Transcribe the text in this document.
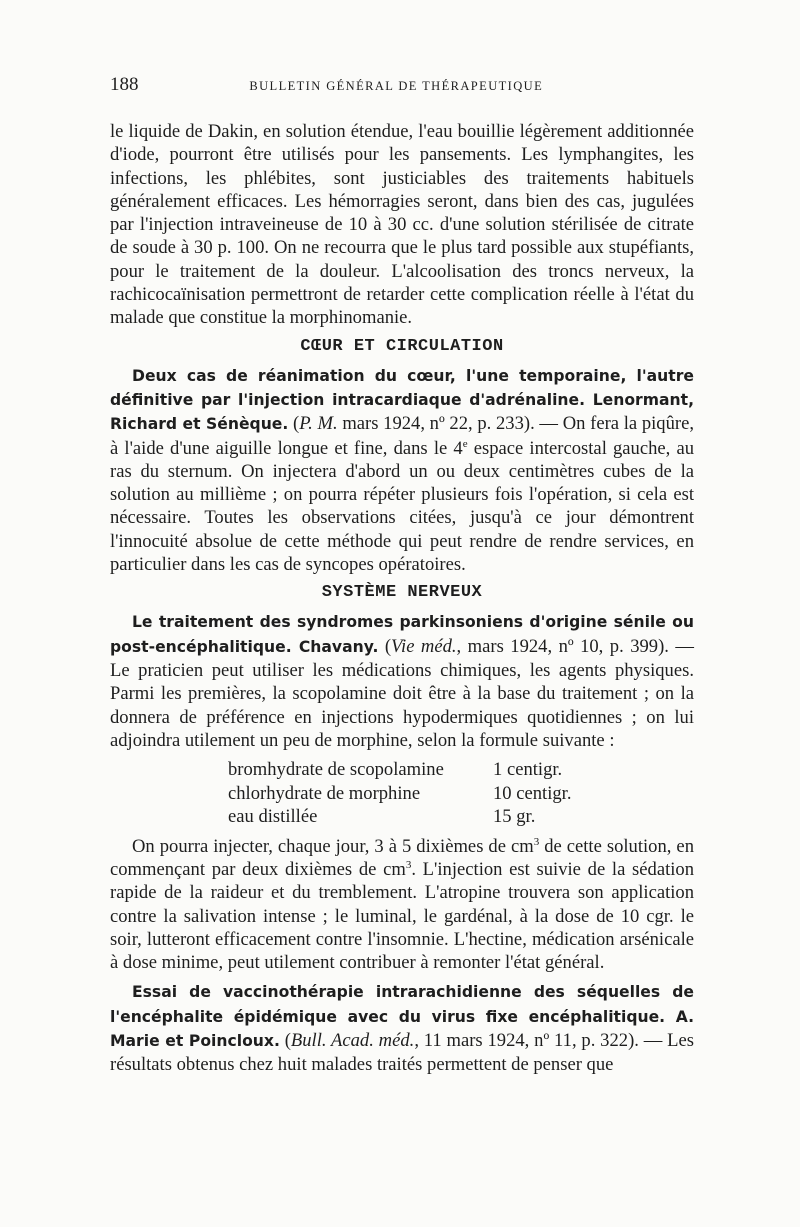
188	BULLETIN GÉNÉRAL DE THÉRAPEUTIQUE

le liquide de Dakin, en solution étendue, l'eau bouillie légèrement additionnée d'iode, pourront être utilisés pour les pansements. Les lymphangites, les infections, les phlébites, sont justiciables des traitements habituels généralement efficaces. Les hémorragies seront, dans bien des cas, jugulées par l'injection intraveineuse de 10 à 30 cc. d'une solution stérilisée de citrate de soude à 30 p. 100. On ne recourra que le plus tard possible aux stupéfiants, pour le traitement de la douleur. L'alcoolisation des troncs nerveux, la rachicocaïnisation permettront de retarder cette complication réelle à l'état du malade que constitue la morphinomanie.

CŒUR ET CIRCULATION

Deux cas de réanimation du cœur, l'une temporaine, l'autre définitive par l'injection intracardiaque d'adrénaline. Lenormant, Richard et Sénèque. (P. M. mars 1924, nº 22, p. 233). — On fera la piqûre, à l'aide d'une aiguille longue et fine, dans le 4e espace intercostal gauche, au ras du sternum. On injectera d'abord un ou deux centimètres cubes de la solution au millième ; on pourra répéter plusieurs fois l'opération, si cela est nécessaire. Toutes les observations citées, jusqu'à ce jour démontrent l'innocuité absolue de cette méthode qui peut rendre de rendre services, en particulier dans les cas de syncopes opératoires.

SYSTÈME NERVEUX

Le traitement des syndromes parkinsoniens d'origine sénile ou post-encéphalitique. Chavany. (Vie méd., mars 1924, nº 10, p. 399). — Le praticien peut utiliser les médications chimiques, les agents physiques. Parmi les premières, la scopolamine doit être à la base du traitement ; on la donnera de préférence en injections hypodermiques quotidiennes ; on lui adjoindra utilement un peu de morphine, selon la formule suivante :

bromhydrate de scopolamine	1 centigr.
chlorhydrate de morphine	10 centigr.
eau distillée	15 gr.

On pourra injecter, chaque jour, 3 à 5 dixièmes de $cm^3$ de cette solution, en commençant par deux dixièmes de $cm^3$. L'injection est suivie de la sédation rapide de la raideur et du tremblement. L'atropine trouvera son application contre la salivation intense ; le luminal, le gardénal, à la dose de 10 cgr. le soir, lutteront efficacement contre l'insomnie. L'hectine, médication arsénicale à dose minime, peut utilement contribuer à remonter l'état général.

Essai de vaccinothérapie intrarachidienne des séquelles de l'encéphalite épidémique avec du virus fixe encéphalitique. A. Marie et Poincloux. (Bull. Acad. méd., 11 mars 1924, nº 11, p. 322). — Les résultats obtenus chez huit malades traités permettent de penser que
